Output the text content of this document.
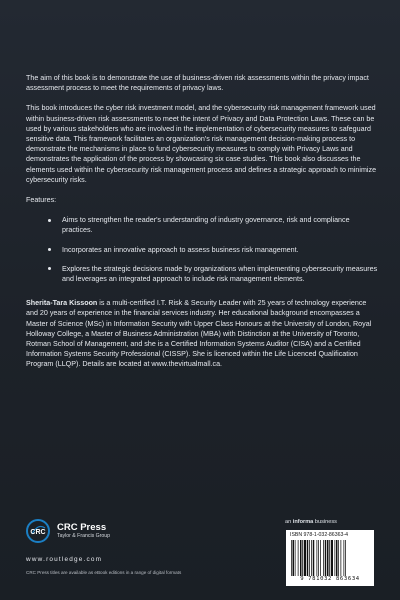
The aim of this book is to demonstrate the use of business-driven risk assessments within the privacy impact assessment process to meet the requirements of privacy laws.

This book introduces the cyber risk investment model, and the cybersecurity risk management framework used within business-driven risk assessments to meet the intent of Privacy and Data Protection Laws. These can be used by various stakeholders who are involved in the implementation of cybersecurity measures to safeguard sensitive data. This framework facilitates an organization's risk management decision-making process to demonstrate the mechanisms in place to fund cybersecurity measures to comply with Privacy Laws and demonstrates the application of the process by showcasing six case studies. This book also discusses the elements used within the cybersecurity risk management process and defines a strategic approach to minimize cybersecurity risks.

Features:

Aims to strengthen the reader's understanding of industry governance, risk and compliance practices.
Incorporates an innovative approach to assess business risk management.
Explores the strategic decisions made by organizations when implementing cybersecurity measures and leverages an integrated approach to include risk management elements.

Sherita-Tara Kissoon is a multi-certified I.T. Risk & Security Leader with 25 years of technology experience and 20 years of experience in the financial services industry. Her educational background encompasses a Master of Science (MSc) in Information Security with Upper Class Honours at the University of London, Royal Holloway College, a Master of Business Administration (MBA) with Distinction at the University of Toronto, Rotman School of Management, and she is a Certified Information Systems Auditor (CISA) and a Certified Information Systems Security Professional (CISSP). She is licenced within the Life Licenced Qualification Program (LLQP). Details are located at www.thevirtualmall.ca.

CRC CRC Press
Taylor & Francis Group
www.routledge.com
CRC Press titles are available as eBook editions in a range of digital formats
an informa business
ISBN 978-1-032-86363-4
9 781032 863634
